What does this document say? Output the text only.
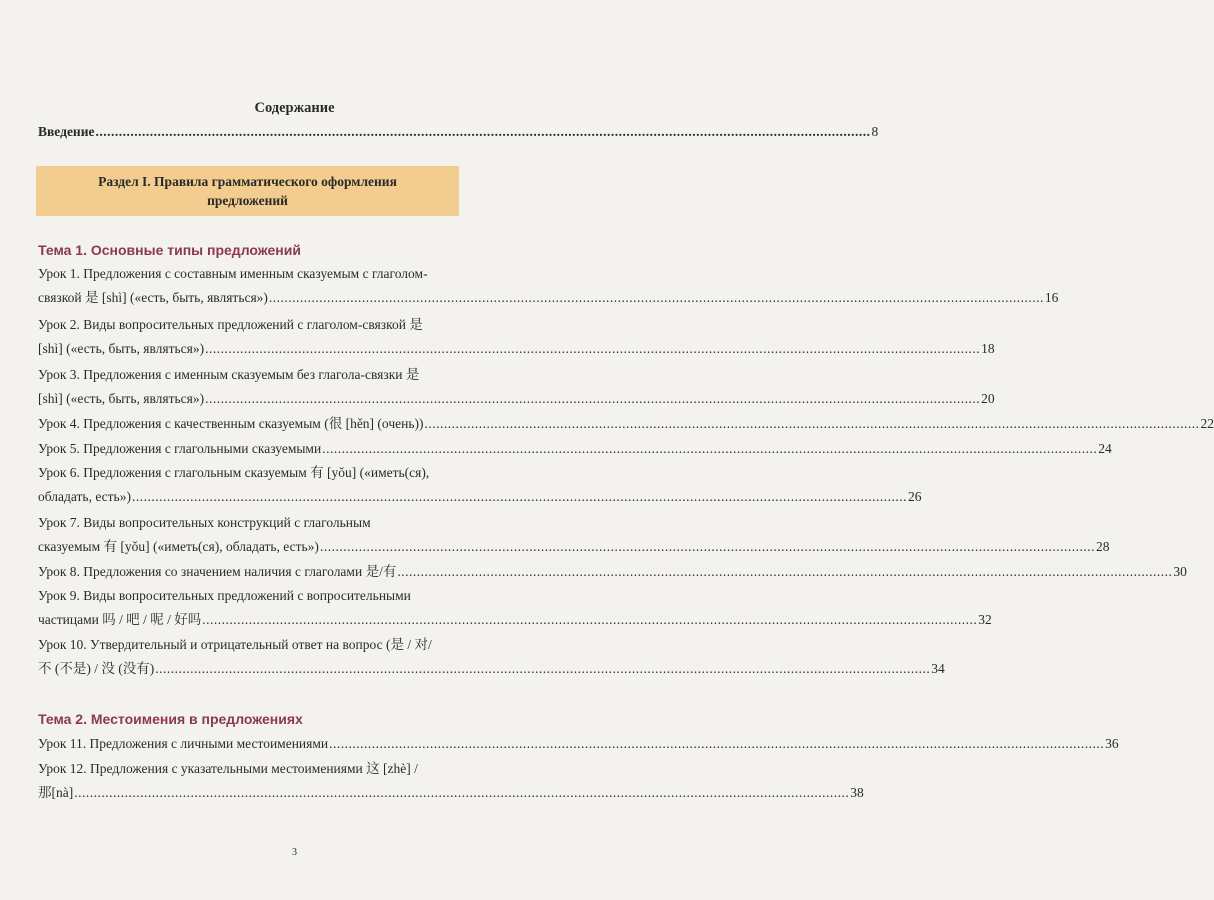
Содержание
Введение ........................................................................................................................................................................................................ 8
Раздел I. Правила грамматического оформления
предложений
Тема 1. Основные типы предложений
Урок 1. Предложения с составным именным сказуемым с глаголом-
связкой 是 [shì] («есть, быть, являться») ........................................................................................................................................................................................................ 16
Урок 2. Виды вопросительных предложений с глаголом-связкой 是
[shì] («есть, быть, являться») ........................................................................................................................................................................................................ 18
Урок 3. Предложения с именным сказуемым без глагола-связки 是
[shì] («есть, быть, являться») ........................................................................................................................................................................................................ 20
Урок 4. Предложения с качественным сказуемым (很 [hěn] (очень)) ........................................................................................................................................................................................................ 22
Урок 5. Предложения с глагольными сказуемыми ........................................................................................................................................................................................................ 24
Урок 6. Предложения с глагольным сказуемым 有 [yǒu] («иметь(ся),
обладать, есть») ........................................................................................................................................................................................................ 26
Урок 7. Виды вопросительных конструкций с глагольным
сказуемым 有 [yǒu] («иметь(ся), обладать, есть») ........................................................................................................................................................................................................ 28
Урок 8. Предложения со значением наличия с глаголами 是/有 ........................................................................................................................................................................................................ 30
Урок 9. Виды вопросительных предложений с вопросительными
частицами 吗 / 吧 / 呢 / 好吗 ........................................................................................................................................................................................................ 32
Урок 10. Утвердительный и отрицательный ответ на вопрос (是 / 对/
不 (不是) / 没 (没有) ........................................................................................................................................................................................................ 34
Тема 2. Местоимения в предложениях
Урок 11. Предложения с личными местоимениями ........................................................................................................................................................................................................ 36
Урок 12. Предложения с указательными местоимениями 这 [zhè] /
那[nà] ........................................................................................................................................................................................................ 38
3
